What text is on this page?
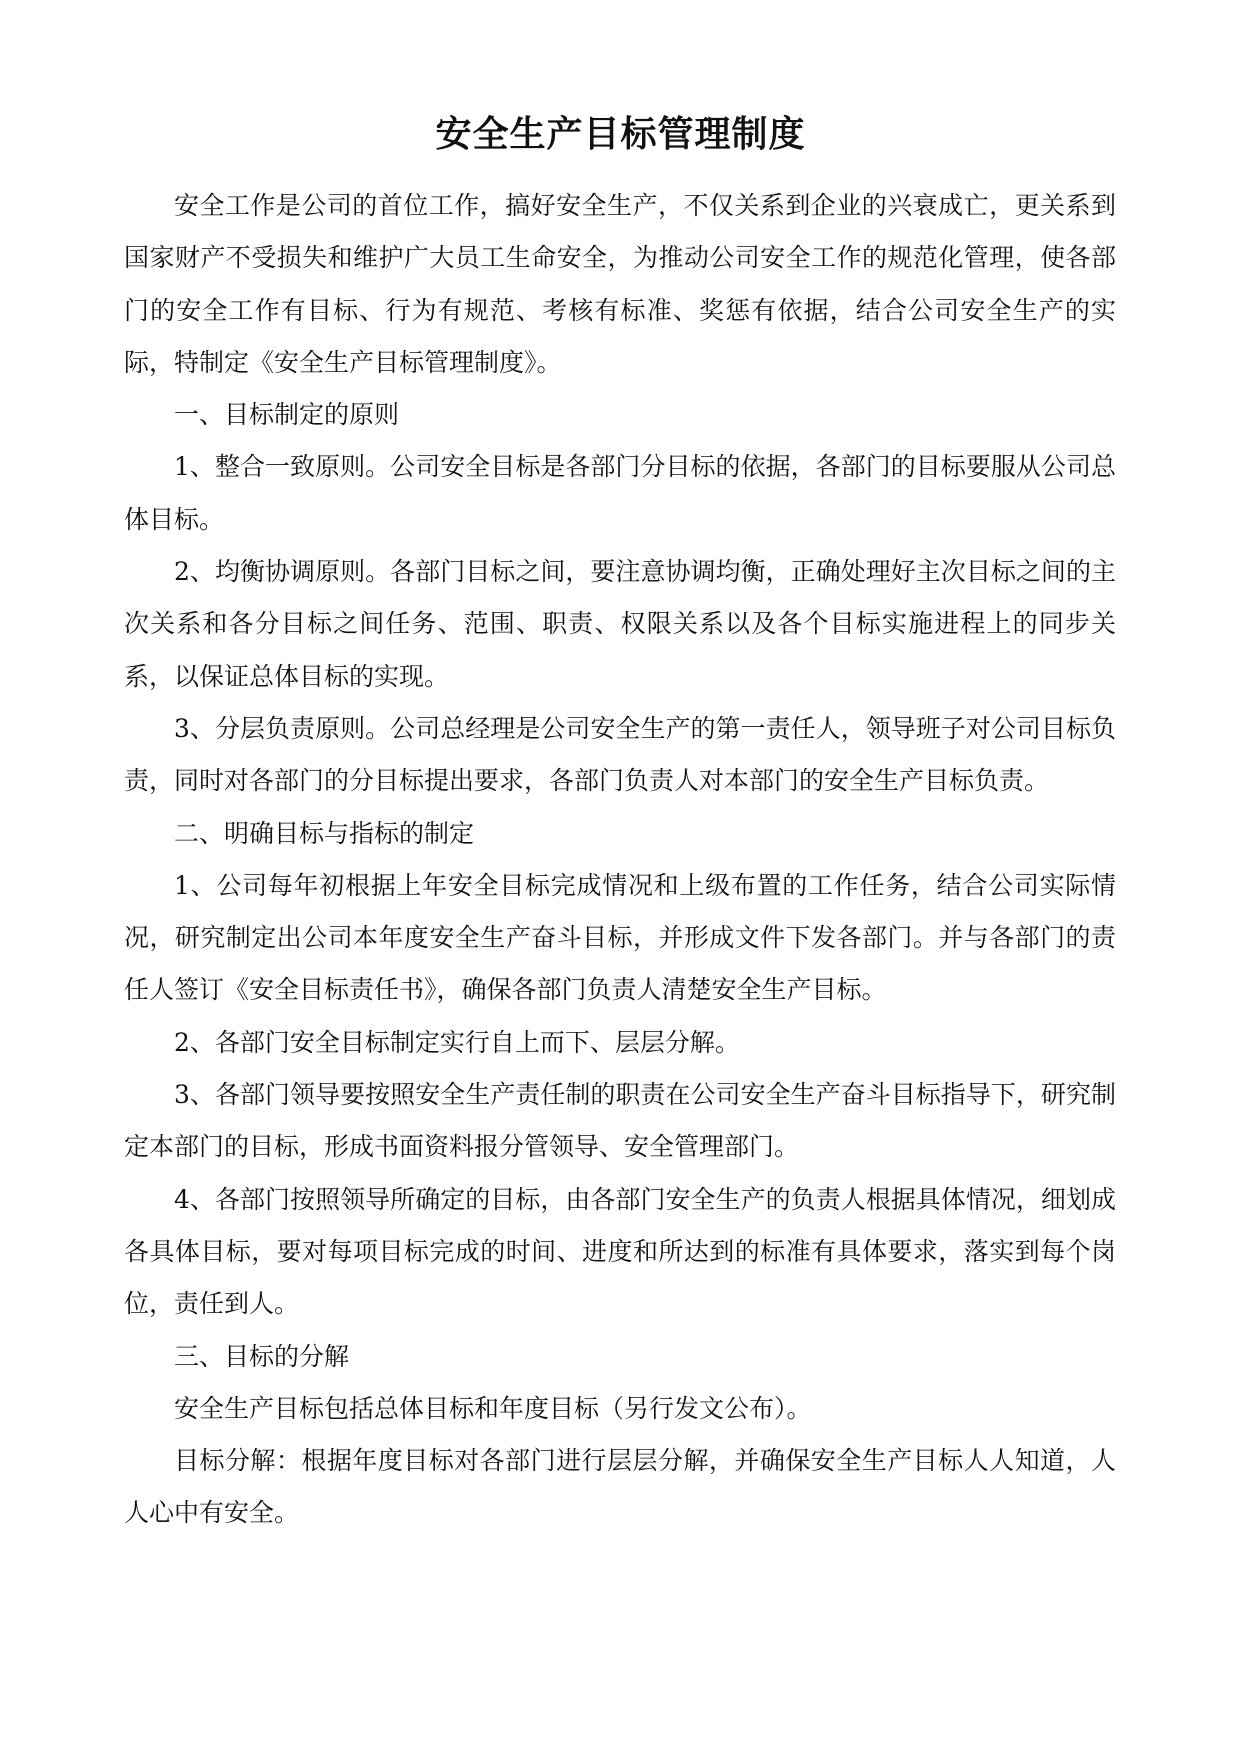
安全生产目标管理制度

安全工作是公司的首位工作，搞好安全生产，不仅关系到企业的兴衰成亡，更关系到国家财产不受损失和维护广大员工生命安全，为推动公司安全工作的规范化管理，使各部门的安全工作有目标、行为有规范、考核有标准、奖惩有依据，结合公司安全生产的实际，特制定《安全生产目标管理制度》。

一、目标制定的原则

1、整合一致原则。公司安全目标是各部门分目标的依据，各部门的目标要服从公司总体目标。

2、均衡协调原则。各部门目标之间，要注意协调均衡，正确处理好主次目标之间的主次关系和各分目标之间任务、范围、职责、权限关系以及各个目标实施进程上的同步关系，以保证总体目标的实现。

3、分层负责原则。公司总经理是公司安全生产的第一责任人，领导班子对公司目标负责，同时对各部门的分目标提出要求，各部门负责人对本部门的安全生产目标负责。

二、明确目标与指标的制定

1、公司每年初根据上年安全目标完成情况和上级布置的工作任务，结合公司实际情况，研究制定出公司本年度安全生产奋斗目标，并形成文件下发各部门。并与各部门的责任人签订《安全目标责任书》，确保各部门负责人清楚安全生产目标。

2、各部门安全目标制定实行自上而下、层层分解。

3、各部门领导要按照安全生产责任制的职责在公司安全生产奋斗目标指导下，研究制定本部门的目标，形成书面资料报分管领导、安全管理部门。

4、各部门按照领导所确定的目标，由各部门安全生产的负责人根据具体情况，细划成各具体目标，要对每项目标完成的时间、进度和所达到的标准有具体要求，落实到每个岗位，责任到人。

三、目标的分解

安全生产目标包括总体目标和年度目标（另行发文公布）。

目标分解：根据年度目标对各部门进行层层分解，并确保安全生产目标人人知道，人人心中有安全。
